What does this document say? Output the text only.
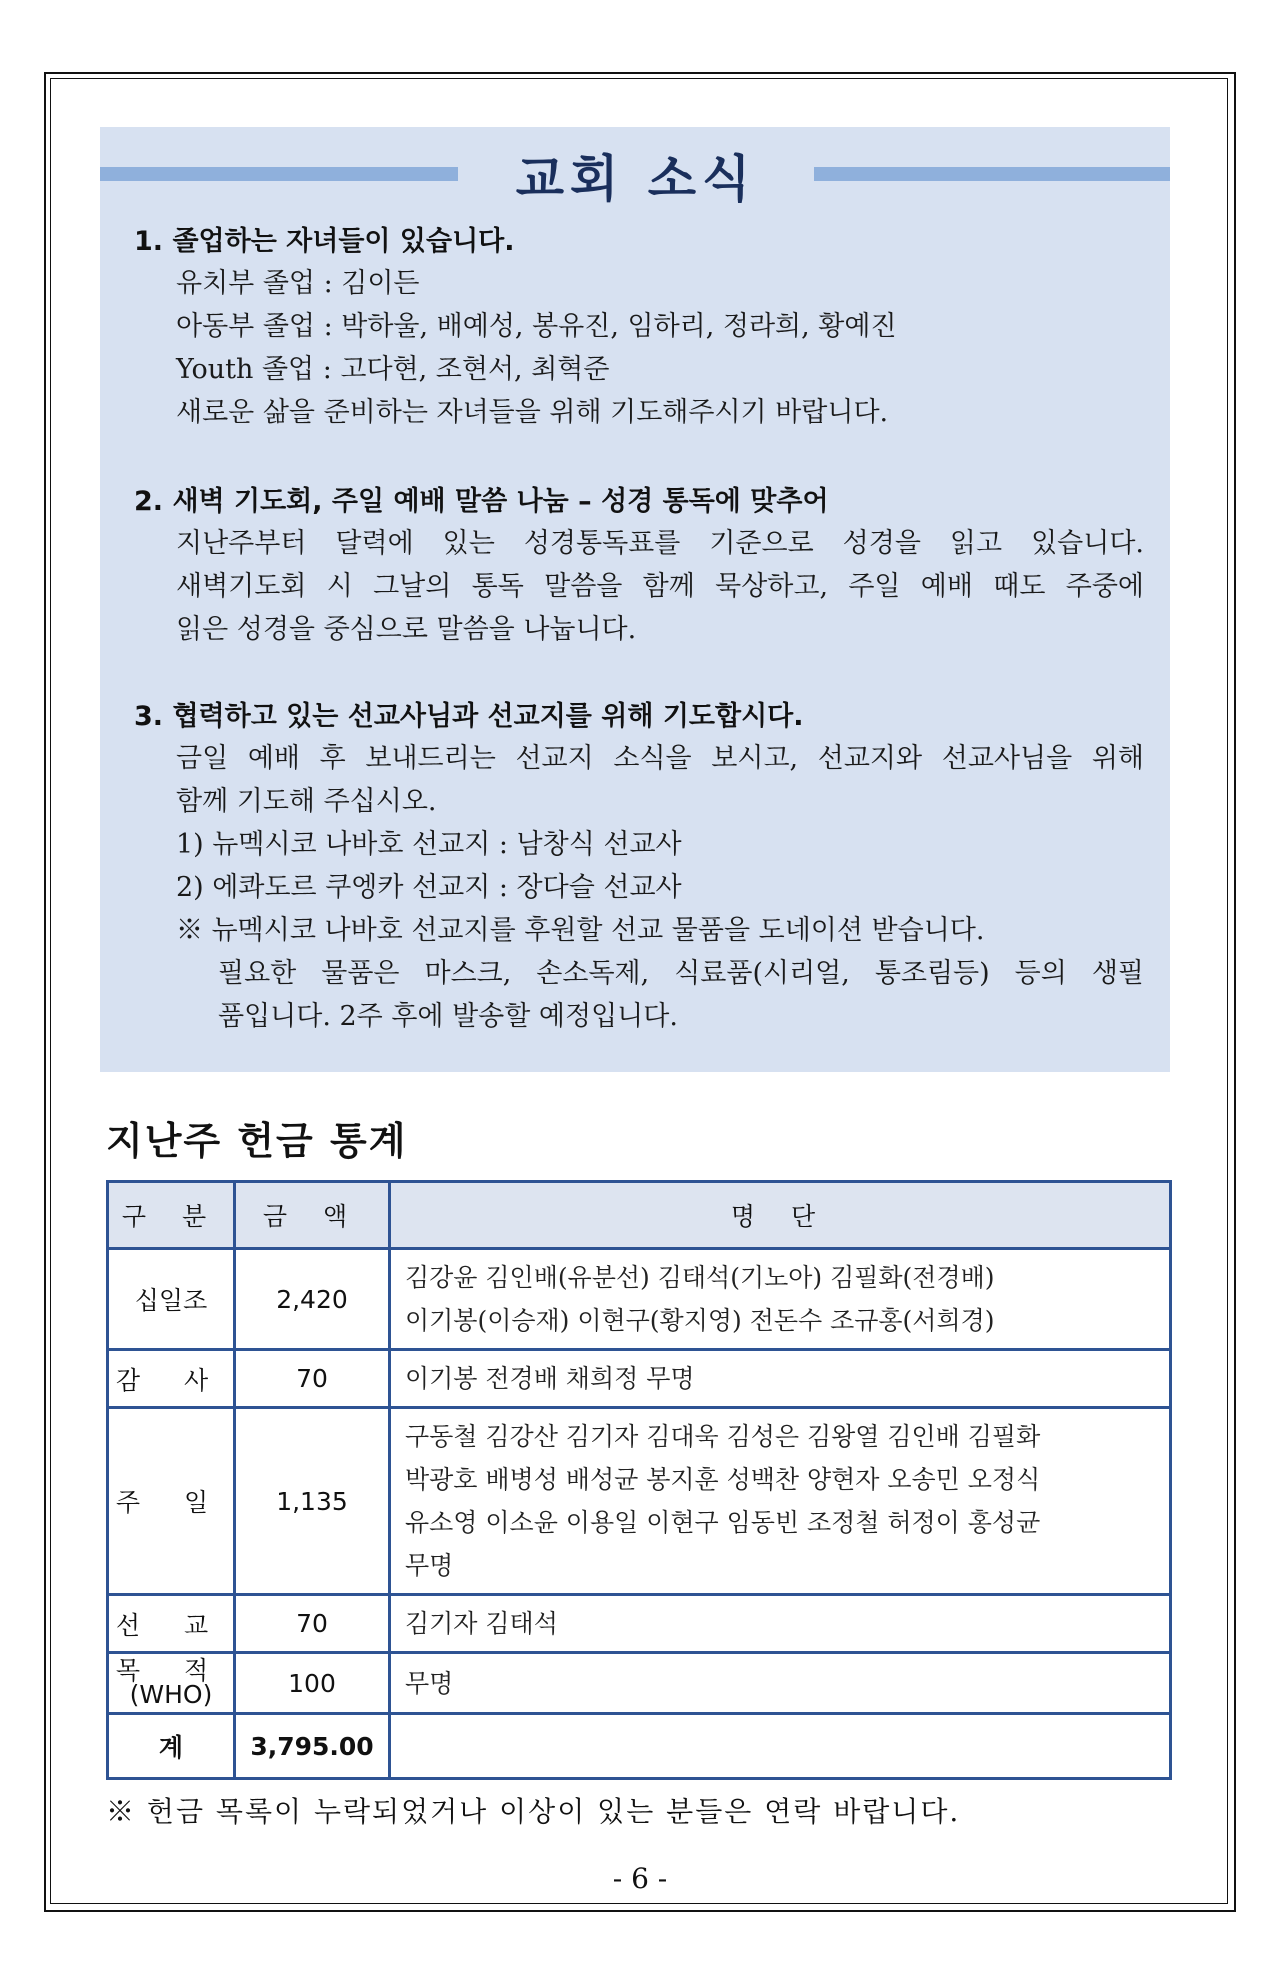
교회 소식
1. 졸업하는 자녀들이 있습니다.
유치부 졸업 : 김이든
아동부 졸업 : 박하울, 배예성, 봉유진, 임하리, 정라희, 황예진
Youth 졸업 : 고다현, 조현서, 최혁준
새로운 삶을 준비하는 자녀들을 위해 기도해주시기 바랍니다.
2. 새벽 기도회, 주일 예배 말씀 나눔 – 성경 통독에 맞추어
지난주부터 달력에 있는 성경통독표를 기준으로 성경을 읽고 있습니다.
새벽기도회 시 그날의 통독 말씀을 함께 묵상하고, 주일 예배 때도 주중에
읽은 성경을 중심으로 말씀을 나눕니다.
3. 협력하고 있는 선교사님과 선교지를 위해 기도합시다.
금일 예배 후 보내드리는 선교지 소식을 보시고, 선교지와 선교사님을 위해
함께 기도해 주십시오.
1) 뉴멕시코 나바호 선교지 : 남창식 선교사
2) 에콰도르 쿠엥카 선교지 : 장다슬 선교사
※ 뉴멕시코 나바호 선교지를 후원할 선교 물품을 도네이션 받습니다.
필요한 물품은 마스크, 손소독제, 식료품(시리얼, 통조림등) 등의 생필
품입니다. 2주 후에 발송할 예정입니다.
지난주 헌금 통계
구 분	금 액	명 단
십일조	2,420	김강윤 김인배(유분선) 김태석(기노아) 김필화(전경배)
이기봉(이승재) 이현구(황지영) 전돈수 조규홍(서희경)

감 사	70	이기봉 전경배 채희정 무명

주 일	1,135	구동철 김강산 김기자 김대욱 김성은 김왕열 김인배 김필화
박광호 배병성 배성균 봉지훈 성백찬 양현자 오송민 오정식
유소영 이소윤 이용일 이현구 임동빈 조정철 허정이 홍성균
무명

선 교	70	김기자 김태석

목 적
(WHO)	100	무명

계	3,795.00	
※ 헌금 목록이 누락되었거나 이상이 있는 분들은 연락 바랍니다.
- 6 -
